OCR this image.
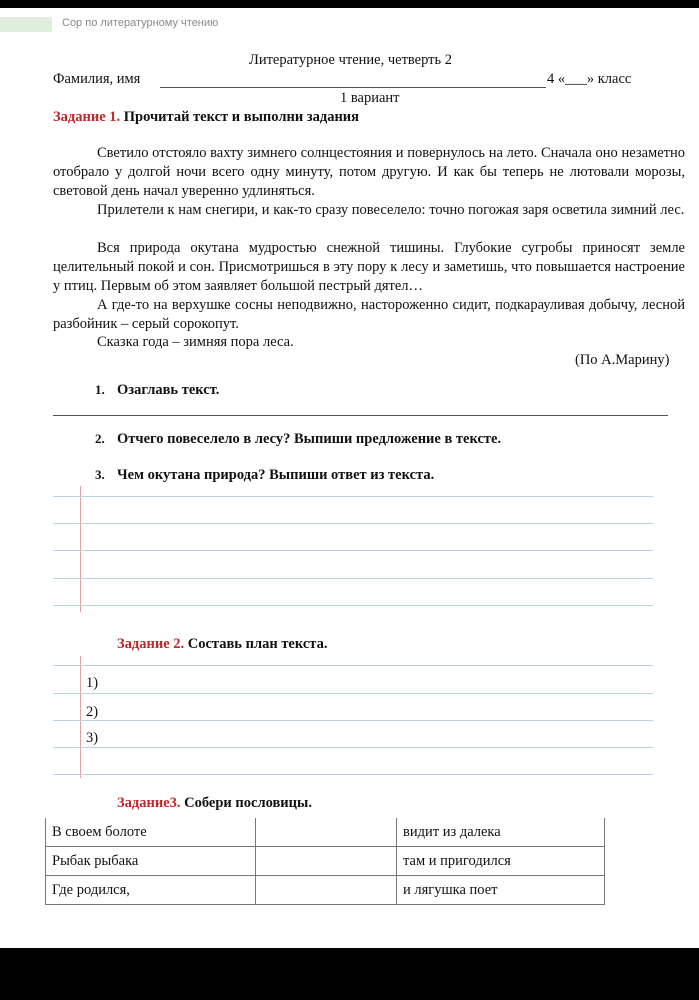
Сор по литературному чтению
Литературное чтение, четверть 2
Фамилия, имя	4 «___» класс
1 вариант
Задание 1. Прочитай текст и выполни задания
Светило отстояло вахту зимнего солнцестояния и повернулось на лето. Сначала оно незаметно отобрало у долгой ночи всего одну минуту, потом другую. И как бы теперь не лютовали морозы, световой день начал уверенно удлиняться.
Прилетели к нам снегири, и как-то сразу повеселело: точно погожая заря осветила зимний лес.
Вся природа окутана мудростью снежной тишины. Глубокие сугробы приносят земле целительный покой и сон. Присмотришься в эту пору к лесу и заметишь, что повышается настроение у птиц. Первым об этом заявляет большой пестрый дятел…
А где-то на верхушке сосны неподвижно, настороженно сидит, подкарауливая добычу, лесной разбойник – серый сорокопут.
Сказка года – зимняя пора леса.
(По А.Марину)
1. Озаглавь текст.
2. Отчего повеселело в лесу? Выпиши предложение в тексте.
3. Чем окутана природа? Выпиши ответ из текста.
Задание 2. Составь план текста.
1)
2)
3)
Задание3. Собери пословицы.
В своем болоте		видит из далека
Рыбак рыбака		там и пригодился
Где родился,		и лягушка поет
